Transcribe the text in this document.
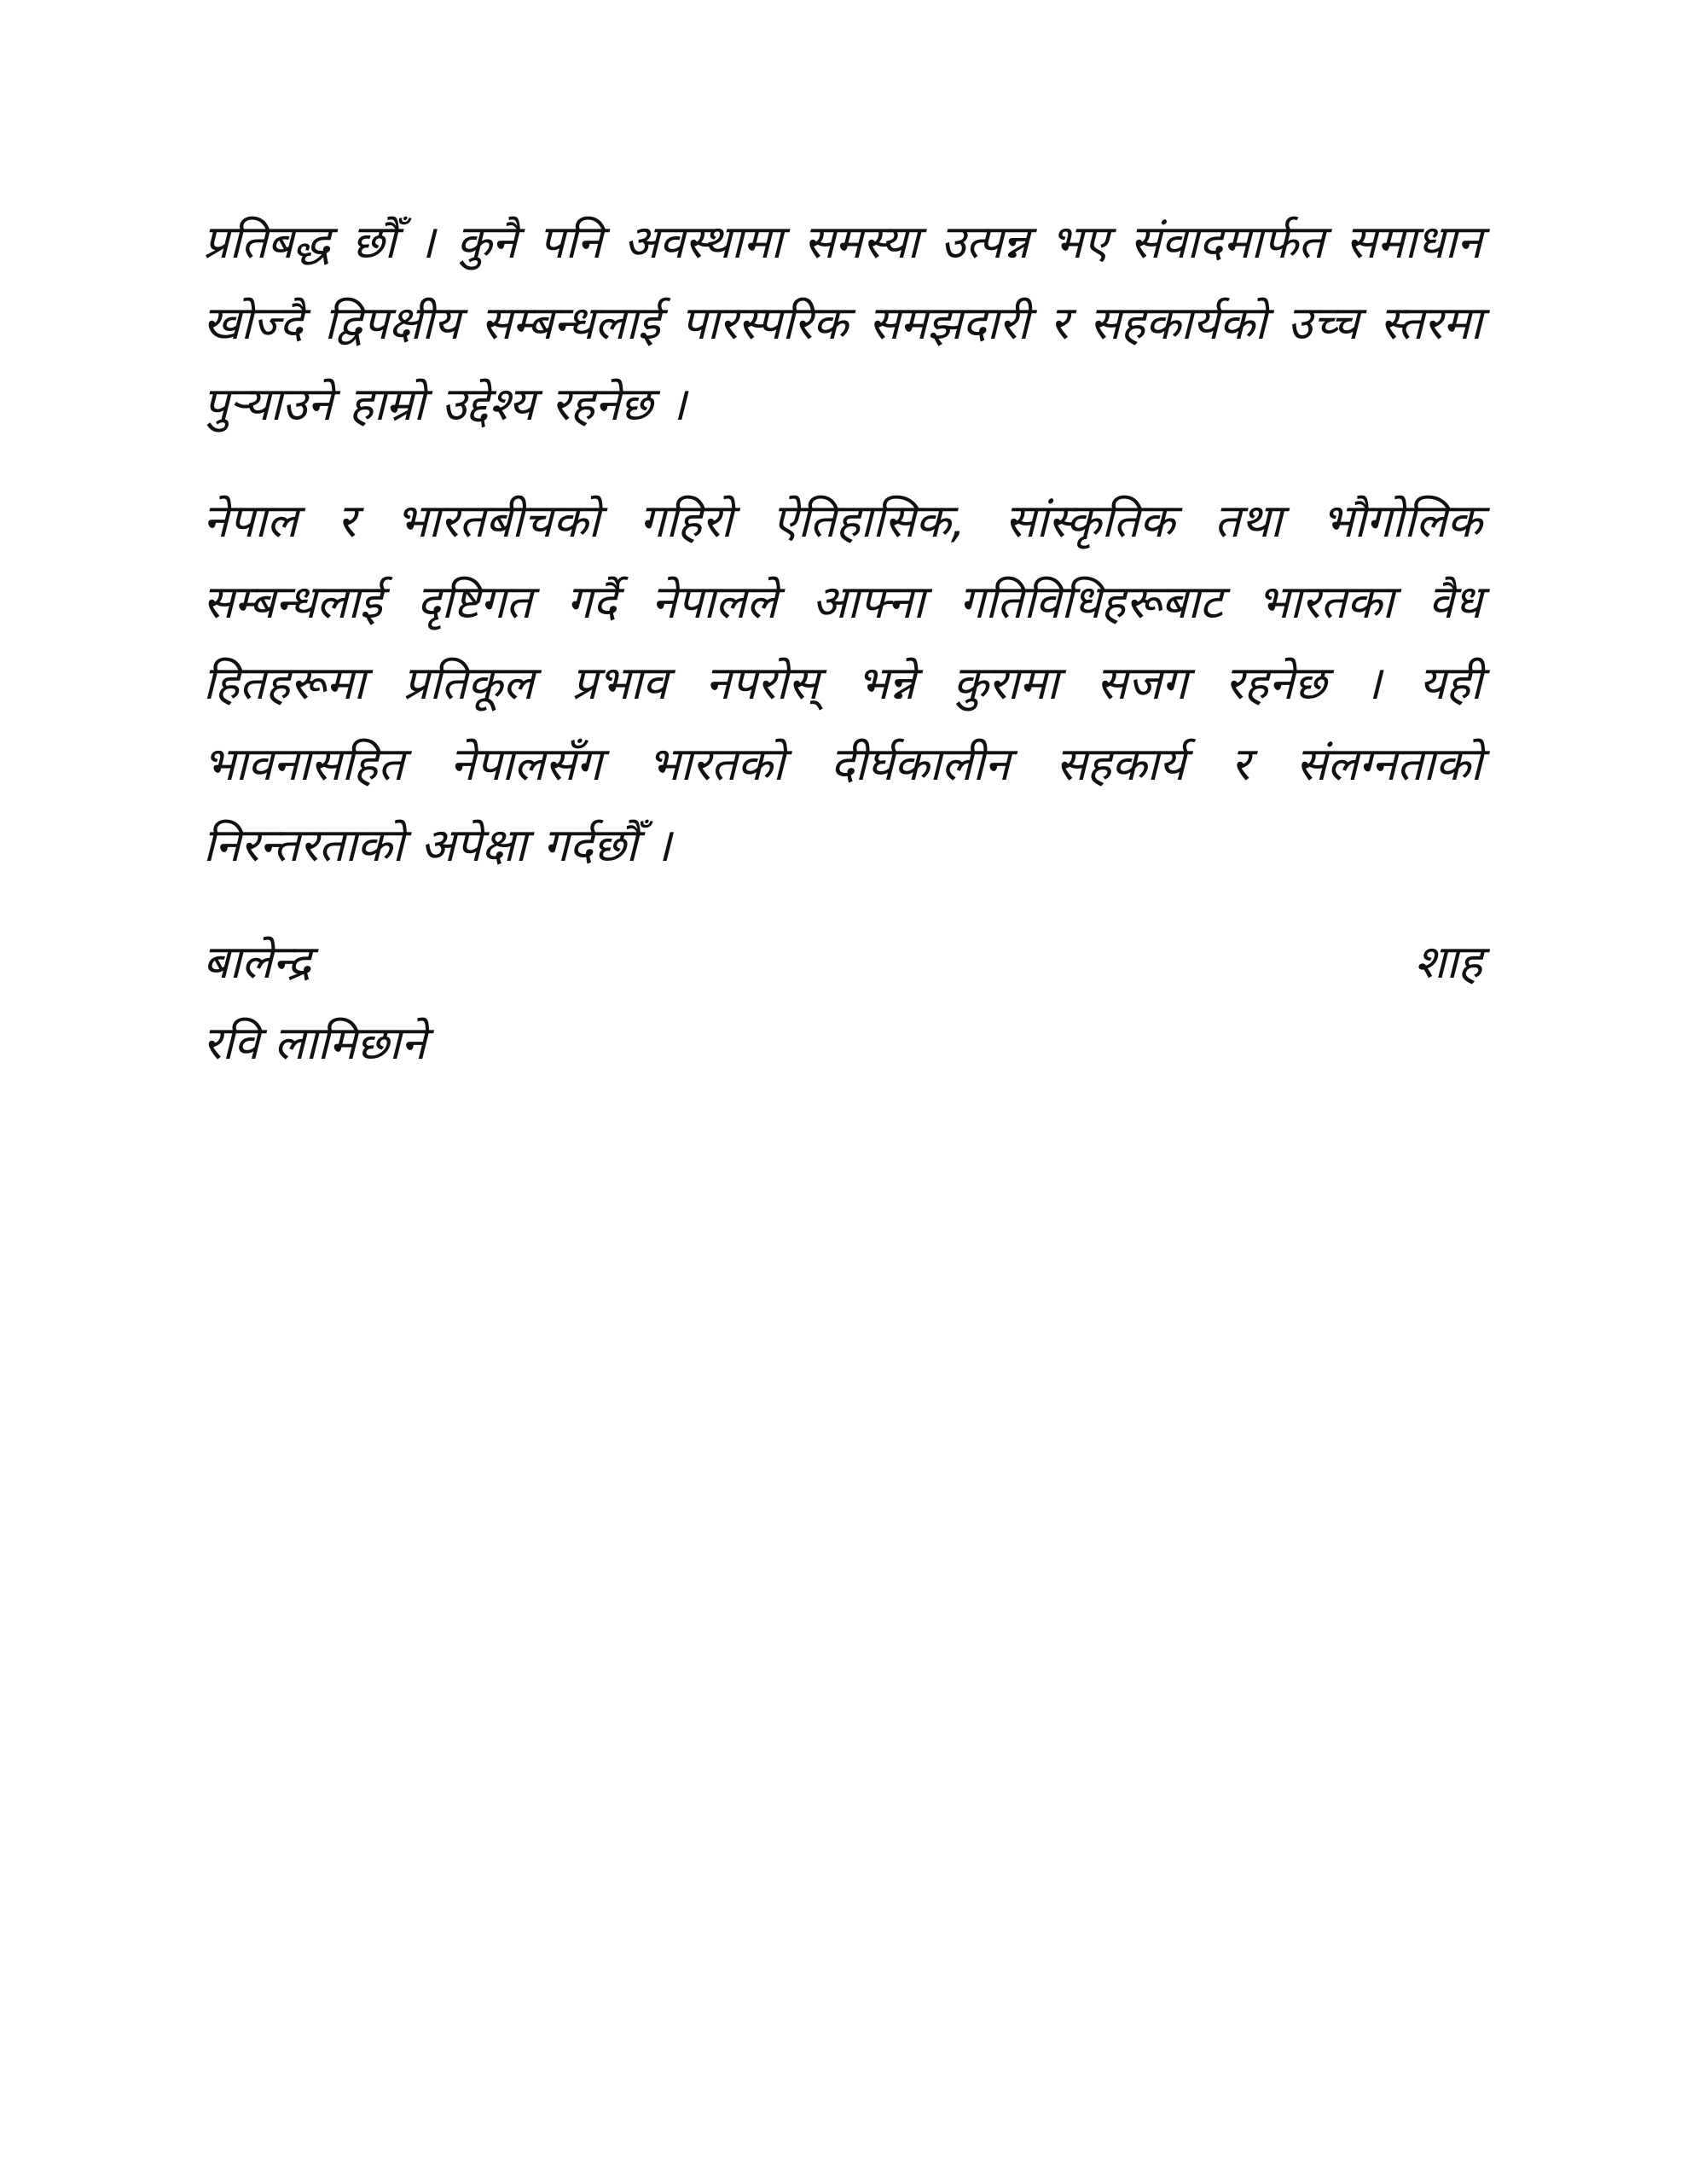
प्रतिबद्ध छौँ । कुनै पनि अवस्थामा समस्या उत्पन्न भए संवादमार्फत समाधान खोज्दै द्विपक्षीय सम्बन्धलाई पारस्परिक समझदारी र सहकार्यको उच्च स्तरमा पुर्‍याउने हाम्रो उद्देश्य रहनेछ ।

नेपाल र भारतबीचको गहिरो ऐतिहासिक, सांस्कृतिक तथा भौगोलिक सम्बन्धलाई दृष्टिगत गर्दै नेपालले आफ्ना गतिविधिहरूबाट भारतका वैध हितहरूमा प्रतिकूल प्रभाव नपरोस् भन्ने कुरामा सजग रहनेछ । यही भावनासहित नेपालसँग भारतको दीर्घकालीन सहकार्य र संलग्नताको निरन्तरताको अपेक्षा गर्दछौँ ।

बालेन्द्र	शाह
रवि लामिछाने
